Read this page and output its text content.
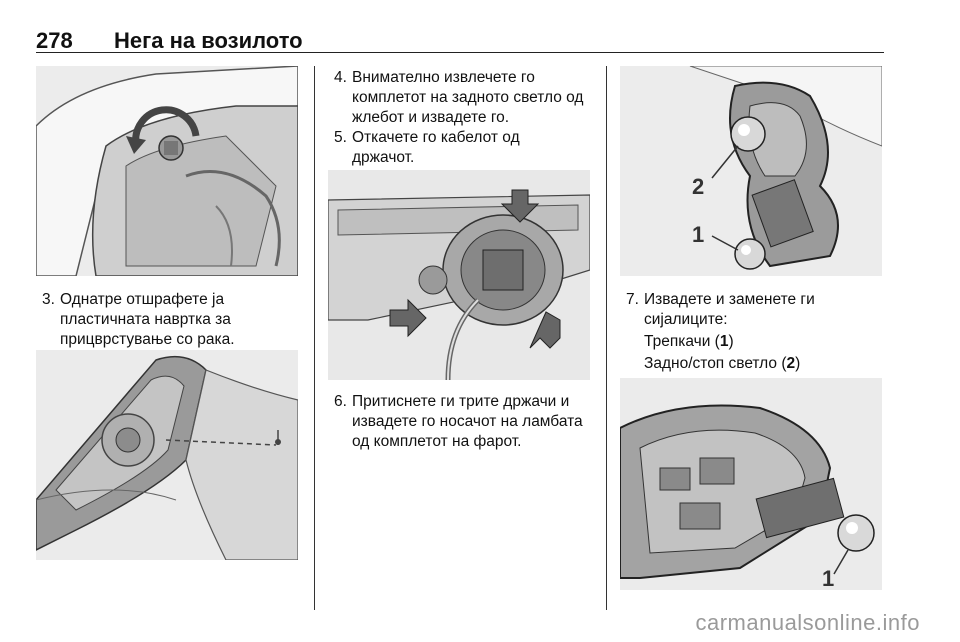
278 Нега на возилото
3. Однатре отшрафете ја
пластичната навртка за
прицврстување со рака.
4. Внимателно извлечете го
комплетот на задното светло од
жлебот и извадете го.
5. Откачете го кабелот од
држачот.
6. Притиснете ги трите држачи и
извадете го носачот на ламбата
од комплетот на фарот.
2
1
7. Извадете и заменете ги
сијалиците:
Трепкачи (1)
Задно/стоп светло (2)
1
carmanualsonline.info
